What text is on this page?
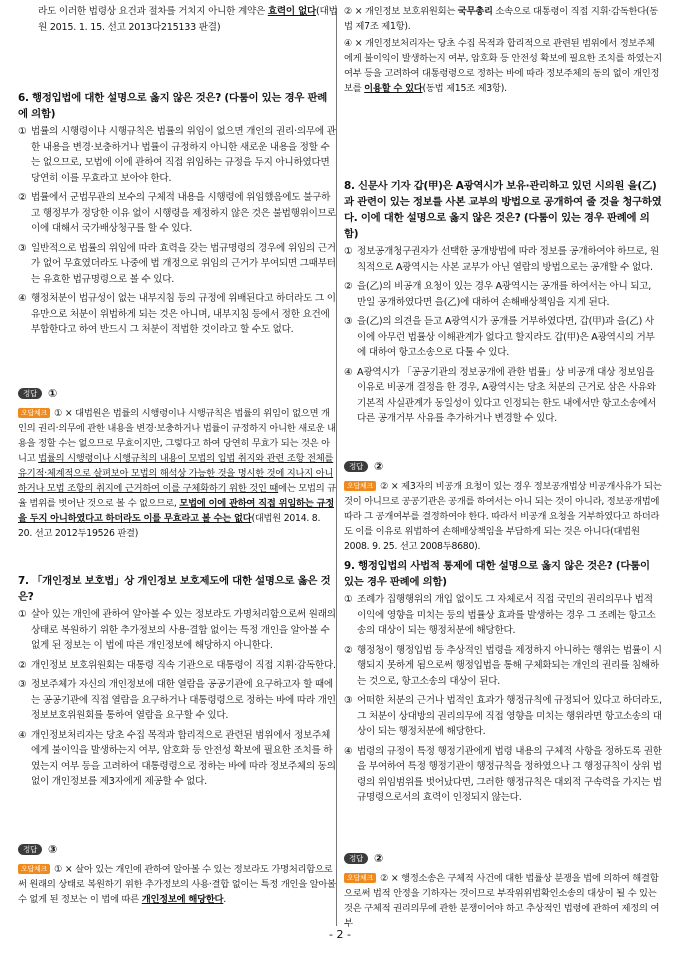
라도 이러한 법령상 요건과 절차를 거치지 아니한 계약은 효력이 없다(대법원 2015. 1. 15. 선고 2013다215133 판결)

6. 행정입법에 대한 설명으로 옳지 않은 것은? (다툼이 있는 경우 판례에 의함)

① 법률의 시행령이나 시행규칙은 법률의 위임이 없으면 개인의 권리·의무에 관한 내용을 변경·보충하거나 법률이 규정하지 아니한 새로운 내용을 정할 수는 없으므로, 모법에 이에 관하여 직접 위임하는 규정을 두지 아니하였다면 당연히 이를 무효라고 보아야 한다.
② 법률에서 군법무관의 보수의 구체적 내용을 시행령에 위임했음에도 불구하고 행정부가 정당한 이유 없이 시행령을 제정하지 않은 것은 불법행위이므로 이에 대해서 국가배상청구를 할 수 있다.
③ 일반적으로 법률의 위임에 따라 효력을 갖는 법규명령의 경우에 위임의 근거가 없어 무효였더라도 나중에 법 개정으로 위임의 근거가 부여되면 그때부터는 유효한 법규명령으로 볼 수 있다.
④ 행정처분이 법규성이 없는 내부지침 등의 규정에 위배된다고 하더라도 그 이유만으로 처분이 위법하게 되는 것은 아니며, 내부지침 등에서 정한 요건에 부합한다고 하여 반드시 그 처분이 적법한 것이라고 할 수도 없다.
정답	①
오답체크 ① × 대법원은 법률의 시행령이나 시행규칙은 법률의 위임이 없으면 개인의 권리·의무에 관한 내용을 변경·보충하거나 법률이 규정하지 아니한 새로운 내용을 정할 수는 없으므로 무효이지만, 그렇다고 하여 당연히 무효가 되는 것은 아니고 법률의 시행령이나 시행규칙의 내용이 모법의 입법 취지와 관련 조항 전체를 유기적·체계적으로 살펴보아 모법의 해석상 가능한 것을 명시한 것에 지나지 아니하거나 모법 조항의 취지에 근거하여 이를 구체화하기 위한 것인 때에는 모법의 규율 범위를 벗어난 것으로 볼 수 없으므로, 모법에 이에 관하여 직접 위임하는 규정을 두지 아니하였다고 하더라도 이를 무효라고 볼 수는 없다(대법원 2014. 8. 20. 선고 2012두19526 판결)

7. 「개인정보 보호법」상 개인정보 보호제도에 대한 설명으로 옳은 것은?

① 살아 있는 개인에 관하여 알아볼 수 있는 정보라도 가명처리함으로써 원래의 상태로 복원하기 위한 추가정보의 사용·결합 없이는 특정 개인을 알아볼 수 없게 된 정보는 이 법에 따른 개인정보에 해당하지 아니한다.
② 개인정보 보호위원회는 대통령 직속 기관으로 대통령이 직접 지휘·감독한다.
③ 정보주체가 자신의 개인정보에 대한 열람을 공공기관에 요구하고자 할 때에는 공공기관에 직접 열람을 요구하거나 대통령령으로 정하는 바에 따라 개인정보보호위원회를 통하여 열람을 요구할 수 있다.
④ 개인정보처리자는 당초 수집 목적과 합리적으로 관련된 범위에서 정보주체에게 불이익을 발생하는지 여부, 암호화 등 안전성 확보에 필요한 조치를 하였는지 여부 등을 고려하여 대통령령으로 정하는 바에 따라 정보주체의 동의 없이 개인정보를 제3자에게 제공할 수 없다.
정답	③
오답체크 ① × 살아 있는 개인에 관하여 알아볼 수 있는 정보라도 가명처리함으로써 원래의 상태로 복원하기 위한 추가정보의 사용·결합 없이는 특정 개인을 알아볼 수 없게 된 정보는 이 법에 따른 개인정보에 해당한다.
② × 개인정보 보호위원회는 국무총리 소속으로 대통령이 직접 지휘·감독한다(동법 제7조 제1항).
④ × 개인정보처리자는 당초 수집 목적과 합리적으로 관련된 범위에서 정보주체에게 불이익이 발생하는지 여부, 암호화 등 안전성 확보에 필요한 조치를 하였는지 여부 등을 고려하여 대통령령으로 정하는 바에 따라 정보주체의 동의 없이 개인정보를 이용할 수 있다(동법 제15조 제3항).

8. 신문사 기자 갑(甲)은 A광역시가 보유·관리하고 있던 시의원 을(乙)과 관련이 있는 정보를 사본 교부의 방법으로 공개하여 줄 것을 청구하였다. 이에 대한 설명으로 옳지 않은 것은? (다툼이 있는 경우 판례에 의함)

① 정보공개청구권자가 선택한 공개방법에 따라 정보를 공개하여야 하므로, 원칙적으로 A광역시는 사본 교부가 아닌 열람의 방법으로는 공개할 수 없다.
② 을(乙)의 비공개 요청이 있는 경우 A광역시는 공개를 하여서는 아니 되고, 만일 공개하였다면 을(乙)에 대하여 손해배상책임을 지게 된다.
③ 을(乙)의 의견을 듣고 A광역시가 공개를 거부하였다면, 갑(甲)과 을(乙) 사이에 아무런 법률상 이해관계가 없다고 할지라도 갑(甲)은 A광역시의 거부에 대하여 항고소송으로 다툴 수 있다.
④ A광역시가 「공공기관의 정보공개에 관한 법률」상 비공개 대상 정보임을 이유로 비공개 결정을 한 경우, A광역시는 당초 처분의 근거로 삼은 사유와 기본적 사실관계가 동일성이 있다고 인정되는 한도 내에서만 항고소송에서 다른 공개거부 사유를 추가하거나 변경할 수 있다.
정답	②
오답체크 ② × 제3자의 비공개 요청이 있는 경우 정보공개법상 비공개사유가 되는 것이 아니므로 공공기관은 공개를 하여서는 아니 되는 것이 아니라, 정보공개법에 따라 그 공개여부를 결정하여야 한다. 따라서 비공개 요청을 거부하였다고 하더라도 이를 이유로 위법하여 손해배상책임을 부담하게 되는 것은 아니다(대법원 2008. 9. 25. 선고 2008두8680).

9. 행정입법의 사법적 통제에 대한 설명으로 옳지 않은 것은? (다툼이 있는 경우 판례에 의함)

① 조례가 집행행위의 개입 없이도 그 자체로서 직접 국민의 권리의무나 법적 이익에 영향을 미치는 등의 법률상 효과를 발생하는 경우 그 조례는 항고소송의 대상이 되는 행정처분에 해당한다.
② 행정청이 행정입법 등 추상적인 법령을 제정하지 아니하는 행위는 법률이 시행되지 못하게 됨으로써 행정입법을 통해 구체화되는 개인의 권리를 침해하는 것으로, 항고소송의 대상이 된다.
③ 어떠한 처분의 근거나 법적인 효과가 행정규칙에 규정되어 있다고 하더라도, 그 처분이 상대방의 권리의무에 직접 영향을 미치는 행위라면 항고소송의 대상이 되는 행정처분에 해당한다.
④ 법령의 규정이 특정 행정기관에게 법령 내용의 구체적 사항을 정하도록 권한을 부여하여 특정 행정기관이 행정규칙을 정하였으나 그 행정규칙이 상위 법령의 위임범위를 벗어났다면, 그러한 행정규칙은 대외적 구속력을 가지는 법규명령으로서의 효력이 인정되지 않는다.
정답	②
오답체크 ② × 행정소송은 구체적 사건에 대한 법률상 분쟁을 법에 의하여 해결함으로써 법적 안정을 기하자는 것이므로 부작위위법확인소송의 대상이 될 수 있는 것은 구체적 권리의무에 관한 분쟁이어야 하고 추상적인 법령에 관하여 제정의 여부
- 2 -
